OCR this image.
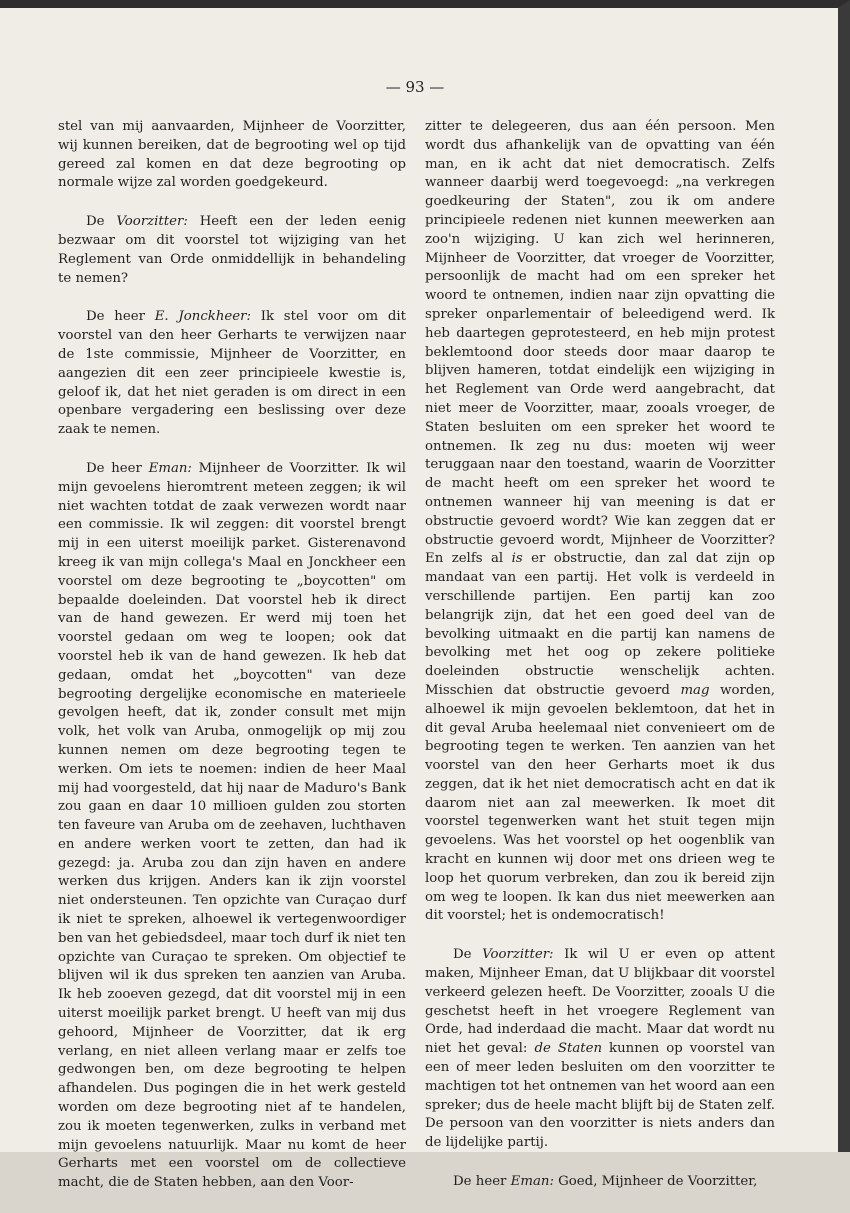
— 93 —

stel van mij aanvaarden, Mijnheer de Voorzitter, wij kunnen bereiken, dat de begrooting wel op tijd gereed zal komen en dat deze begrooting op normale wijze zal worden goedgekeurd.

De Voorzitter: Heeft een der leden eenig bezwaar om dit voorstel tot wijziging van het Reglement van Orde onmiddellijk in behandeling te nemen?

De heer E. Jonckheer: Ik stel voor om dit voorstel van den heer Gerharts te verwijzen naar de 1ste commissie, Mijnheer de Voorzitter, en aangezien dit een zeer principieele kwestie is, geloof ik, dat het niet geraden is om direct in een openbare vergadering een beslissing over deze zaak te nemen.

De heer Eman: Mijnheer de Voorzitter. Ik wil mijn gevoelens hieromtrent meteen zeggen; ik wil niet wachten totdat de zaak verwezen wordt naar een commissie. Ik wil zeggen: dit voorstel brengt mij in een uiterst moeilijk parket. Gisterenavond kreeg ik van mijn collega's Maal en Jonckheer een voorstel om deze begrooting te „boycotten" om bepaalde doeleinden. Dat voorstel heb ik direct van de hand gewezen. Er werd mij toen het voorstel gedaan om weg te loopen; ook dat voorstel heb ik van de hand gewezen. Ik heb dat gedaan, omdat het „boycotten" van deze begrooting dergelijke economische en materieele gevolgen heeft, dat ik, zonder consult met mijn volk, het volk van Aruba, onmogelijk op mij zou kunnen nemen om deze begrooting tegen te werken. Om iets te noemen: indien de heer Maal mij had voorgesteld, dat hij naar de Maduro's Bank zou gaan en daar 10 millioen gulden zou storten ten faveure van Aruba om de zeehaven, luchthaven en andere werken voort te zetten, dan had ik gezegd: ja. Aruba zou dan zijn haven en andere werken dus krijgen. Anders kan ik zijn voorstel niet ondersteunen. Ten opzichte van Curaçao durf ik niet te spreken, alhoewel ik vertegenwoordiger ben van het gebiedsdeel, maar toch durf ik niet ten opzichte van Curaçao te spreken. Om objectief te blijven wil ik dus spreken ten aanzien van Aruba. Ik heb zooeven gezegd, dat dit voorstel mij in een uiterst moeilijk parket brengt. U heeft van mij dus gehoord, Mijnheer de Voorzitter, dat ik erg verlang, en niet alleen verlang maar er zelfs toe gedwongen ben, om deze begrooting te helpen afhandelen. Dus pogingen die in het werk gesteld worden om deze begrooting niet af te handelen, zou ik moeten tegenwerken, zulks in verband met mijn gevoelens natuurlijk. Maar nu komt de heer Gerharts met een voorstel om de collectieve macht, die de Staten hebben, aan den Voor-

zitter te delegeeren, dus aan één persoon. Men wordt dus afhankelijk van de opvatting van één man, en ik acht dat niet democratisch. Zelfs wanneer daarbij werd toegevoegd: „na verkregen goedkeuring der Staten", zou ik om andere principieele redenen niet kunnen meewerken aan zoo'n wijziging. U kan zich wel herinneren, Mijnheer de Voorzitter, dat vroeger de Voorzitter, persoonlijk de macht had om een spreker het woord te ontnemen, indien naar zijn opvatting die spreker onparlementair of beleedigend werd. Ik heb daartegen geprotesteerd, en heb mijn protest beklemtoond door steeds door maar daarop te blijven hameren, totdat eindelijk een wijziging in het Reglement van Orde werd aangebracht, dat niet meer de Voorzitter, maar, zooals vroeger, de Staten besluiten om een spreker het woord te ontnemen. Ik zeg nu dus: moeten wij weer teruggaan naar den toestand, waarin de Voorzitter de macht heeft om een spreker het woord te ontnemen wanneer hij van meening is dat er obstructie gevoerd wordt? Wie kan zeggen dat er obstructie gevoerd wordt, Mijnheer de Voorzitter? En zelfs al is er obstructie, dan zal dat zijn op mandaat van een partij. Het volk is verdeeld in verschillende partijen. Een partij kan zoo belangrijk zijn, dat het een goed deel van de bevolking uitmaakt en die partij kan namens de bevolking met het oog op zekere politieke doeleinden obstructie wenschelijk achten. Misschien dat obstructie gevoerd mag worden, alhoewel ik mijn gevoelen beklemtoon, dat het in dit geval Aruba heelemaal niet convenieert om de begrooting tegen te werken. Ten aanzien van het voorstel van den heer Gerharts moet ik dus zeggen, dat ik het niet democratisch acht en dat ik daarom niet aan zal meewerken. Ik moet dit voorstel tegenwerken want het stuit tegen mijn gevoelens. Was het voorstel op het oogenblik van kracht en kunnen wij door met ons drieen weg te loop het quorum verbreken, dan zou ik bereid zijn om weg te loopen. Ik kan dus niet meewerken aan dit voorstel; het is ondemocratisch!

De Voorzitter: Ik wil U er even op attent maken, Mijnheer Eman, dat U blijkbaar dit voorstel verkeerd gelezen heeft. De Voorzitter, zooals U die geschetst heeft in het vroegere Reglement van Orde, had inderdaad die macht. Maar dat wordt nu niet het geval: de Staten kunnen op voorstel van een of meer leden besluiten om den voorzitter te machtigen tot het ontnemen van het woord aan een spreker; dus de heele macht blijft bij de Staten zelf. De persoon van den voorzitter is niets anders dan de lijdelijke partij.

De heer Eman: Goed, Mijnheer de Voorzitter,
